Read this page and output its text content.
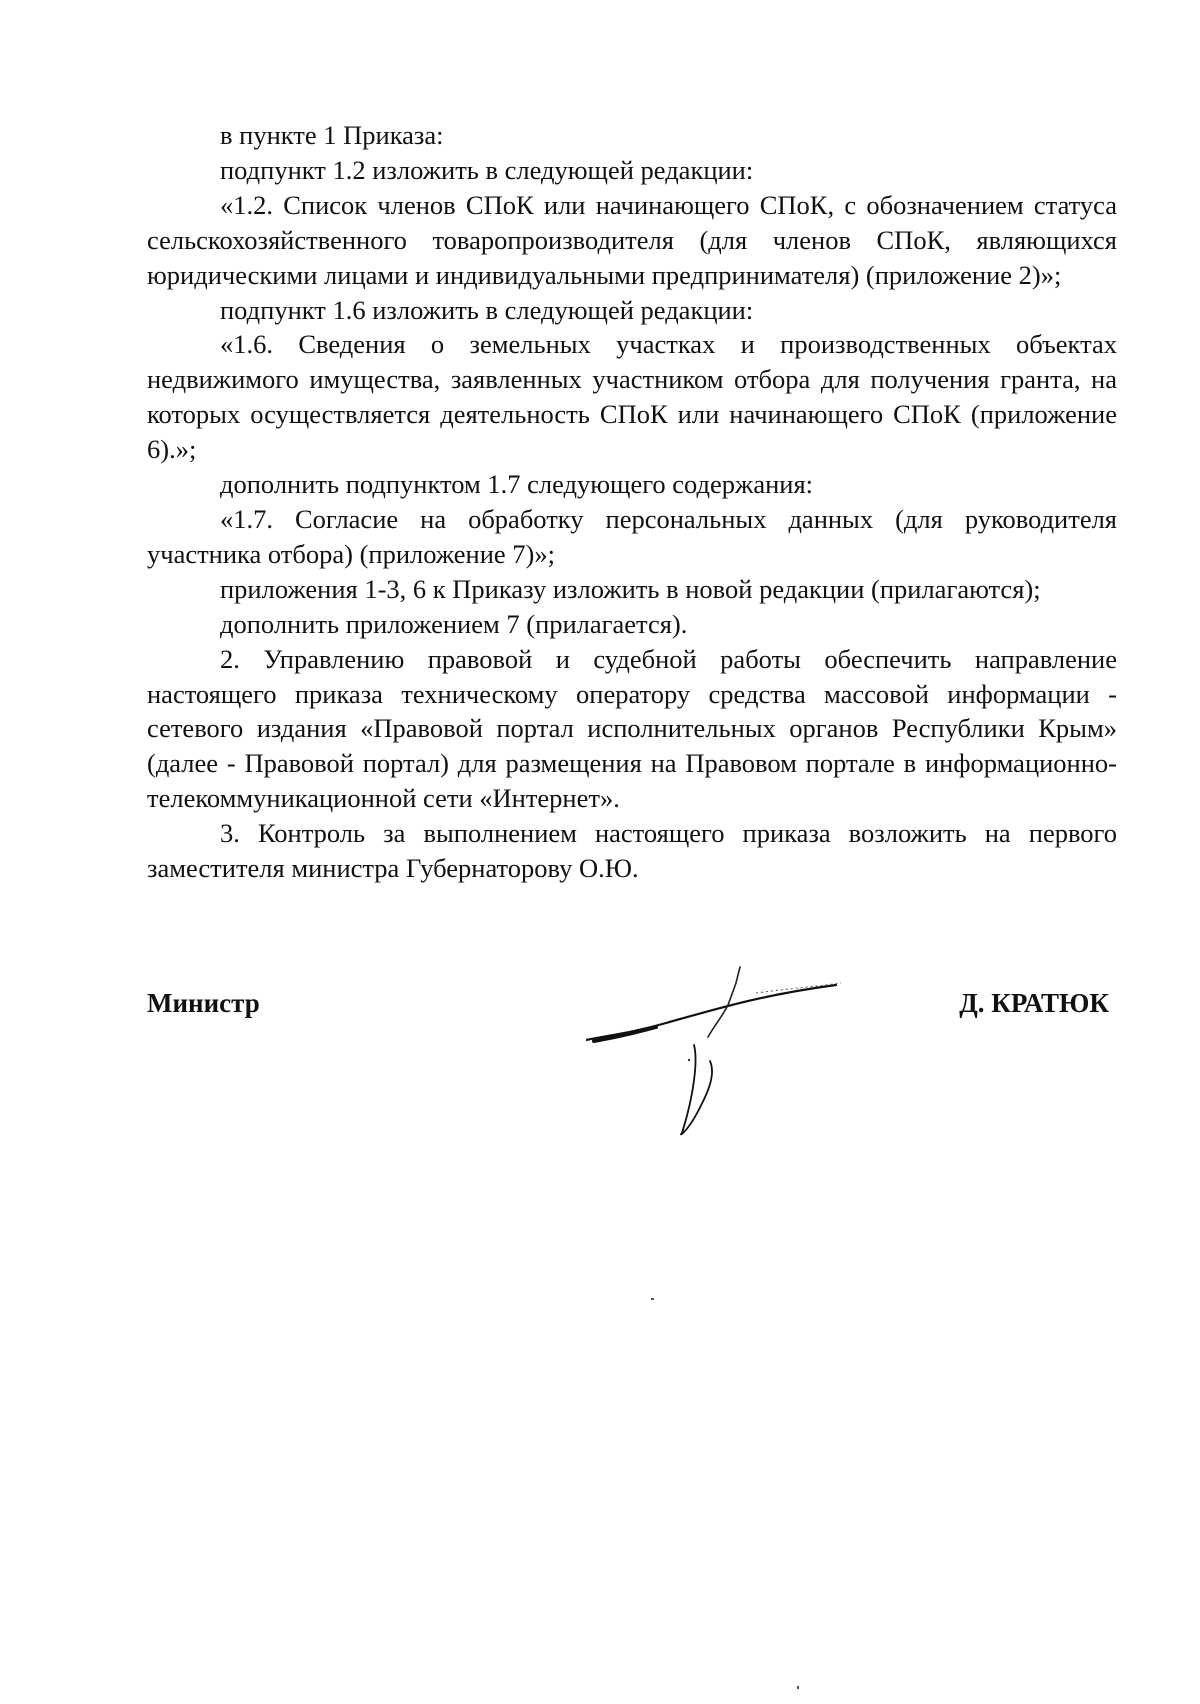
в пункте 1 Приказа:

подпункт 1.2 изложить в следующей редакции:

«1.2. Список членов СПоК или начинающего СПоК, с обозначением статуса сельскохозяйственного товаропроизводителя (для членов СПоК, являющихся юридическими лицами и индивидуальными предпринимателя) (приложение 2)»;

подпункт 1.6 изложить в следующей редакции:

«1.6. Сведения о земельных участках и производственных объектах недвижимого имущества, заявленных участником отбора для получения гранта, на которых осуществляется деятельность СПоК или начинающего СПоК (приложение 6).»;

дополнить подпунктом 1.7 следующего содержания:

«1.7. Согласие на обработку персональных данных (для руководителя участника отбора) (приложение 7)»;

приложения 1-3, 6 к Приказу изложить в новой редакции (прилагаются);

дополнить приложением 7 (прилагается).

2. Управлению правовой и судебной работы обеспечить направление настоящего приказа техническому оператору средства массовой информации - сетевого издания «Правовой портал исполнительных органов Республики Крым» (далее - Правовой портал) для размещения на Правовом портале в информационно-телекоммуникационной сети «Интернет».

3. Контроль за выполнением настоящего приказа возложить на первого заместителя министра Губернаторову О.Ю.

Министр	Д. КРАТЮК
